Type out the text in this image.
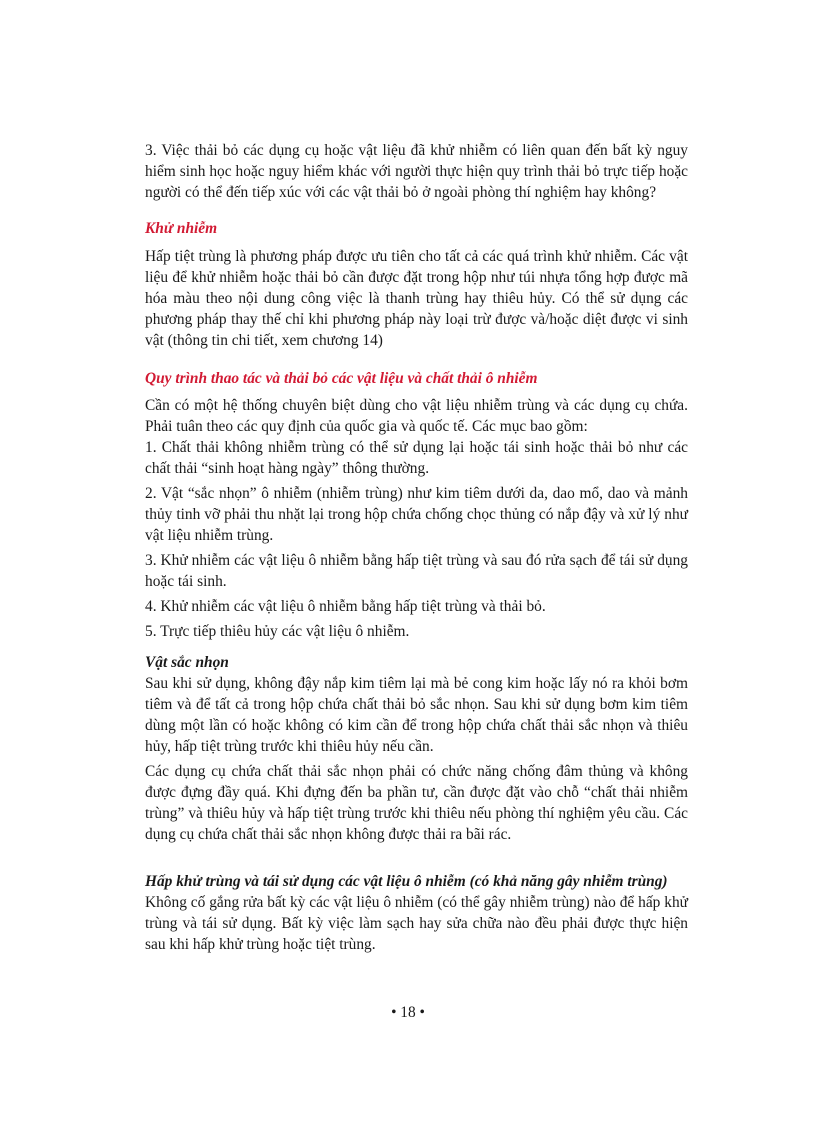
3. Việc thải bỏ các dụng cụ hoặc vật liệu đã khử nhiễm có liên quan đến bất kỳ nguy hiểm sinh học hoặc nguy hiểm khác với người thực hiện quy trình thải bỏ trực tiếp hoặc người có thể đến tiếp xúc với các vật thải bỏ ở ngoài phòng thí nghiệm hay không?

Khử nhiễm

Hấp tiệt trùng là phương pháp được ưu tiên cho tất cả các quá trình khử nhiễm. Các vật liệu để khử nhiễm hoặc thải bỏ cần được đặt trong hộp như túi nhựa tổng hợp được mã hóa màu theo nội dung công việc là thanh trùng hay thiêu hủy. Có thể sử dụng các phương pháp thay thế chỉ khi phương pháp này loại trừ được và/hoặc diệt được vi sinh vật (thông tin chi tiết, xem chương 14)

Quy trình thao tác và thải bỏ các vật liệu và chất thải ô nhiễm

Cần có một hệ thống chuyên biệt dùng cho vật liệu nhiễm trùng và các dụng cụ chứa. Phải tuân theo các quy định của quốc gia và quốc tế. Các mục bao gồm:

1. Chất thải không nhiễm trùng có thể sử dụng lại hoặc tái sinh hoặc thải bỏ như các chất thải “sinh hoạt hàng ngày” thông thường.

2. Vật “sắc nhọn” ô nhiễm (nhiễm trùng) như kim tiêm dưới da, dao mổ, dao và mảnh thủy tinh vỡ phải thu nhặt lại trong hộp chứa chống chọc thủng có nắp đậy và xử lý như vật liệu nhiễm trùng.

3. Khử nhiễm các vật liệu ô nhiễm bằng hấp tiệt trùng và sau đó rửa sạch để tái sử dụng hoặc tái sinh.

4. Khử nhiễm các vật liệu ô nhiễm bằng hấp tiệt trùng và thải bỏ.

5. Trực tiếp thiêu hủy các vật liệu ô nhiễm.

Vật sắc nhọn

Sau khi sử dụng, không đậy nắp kim tiêm lại mà bẻ cong kim hoặc lấy nó ra khỏi bơm tiêm và để tất cả trong hộp chứa chất thải bỏ sắc nhọn. Sau khi sử dụng bơm kim tiêm dùng một lần có hoặc không có kim cần để trong hộp chứa chất thải sắc nhọn và thiêu hủy, hấp tiệt trùng trước khi thiêu hủy nếu cần.

Các dụng cụ chứa chất thải sắc nhọn phải có chức năng chống đâm thủng và không được đựng đầy quá. Khi đựng đến ba phần tư, cần được đặt vào chỗ “chất thải nhiễm trùng” và thiêu hủy và hấp tiệt trùng trước khi thiêu nếu phòng thí nghiệm yêu cầu. Các dụng cụ chứa chất thải sắc nhọn không được thải ra bãi rác.

Hấp khử trùng và tái sử dụng các vật liệu ô nhiễm (có khả năng gây nhiễm trùng)

Không cố gắng rửa bất kỳ các vật liệu ô nhiễm (có thể gây nhiễm trùng) nào để hấp khử trùng và tái sử dụng. Bất kỳ việc làm sạch hay sửa chữa nào đều phải được thực hiện sau khi hấp khử trùng hoặc tiệt trùng.

• 18 •
